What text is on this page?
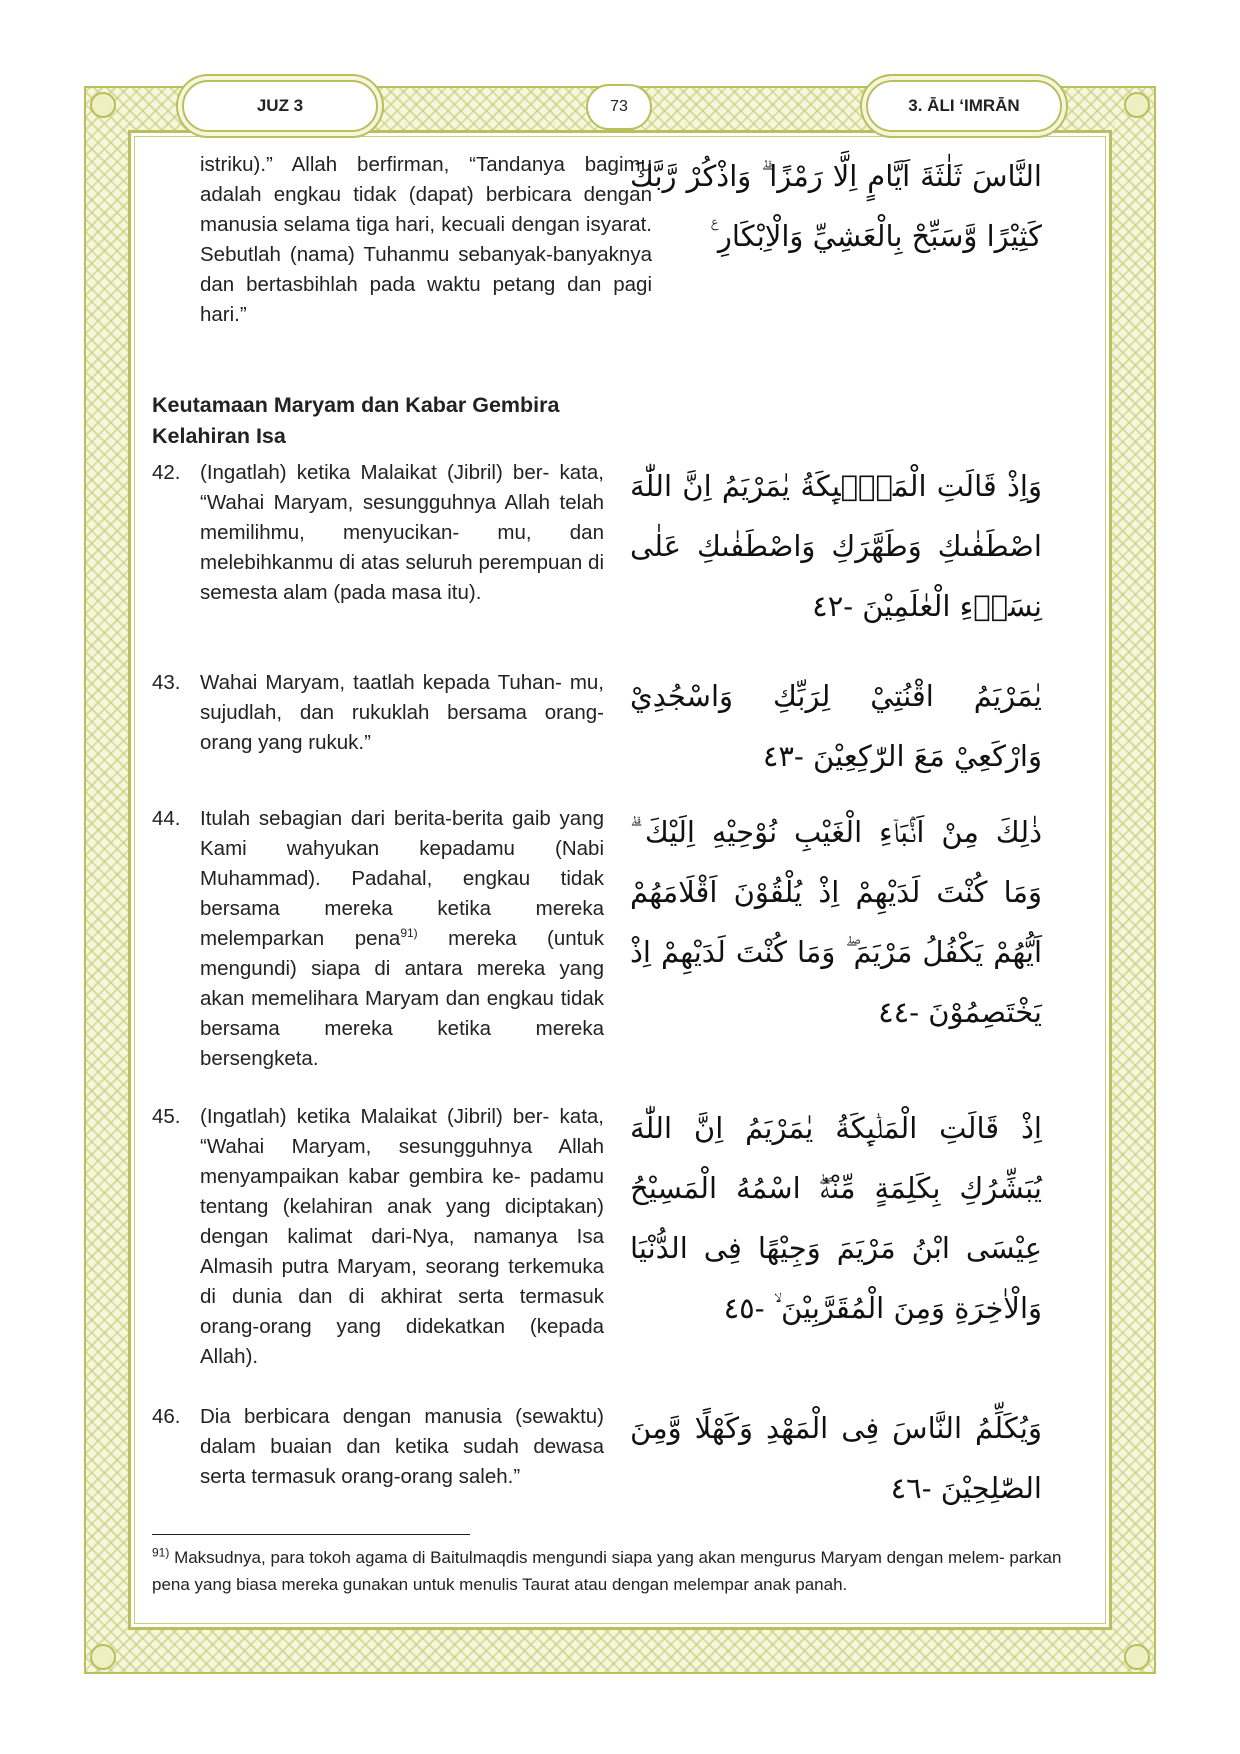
JUZ 3	73	3. ĀLI ‘IMRĀN
istriku).” Allah berfirman, “Tandanya bagimu adalah engkau tidak (dapat) berbicara dengan manusia selama tiga hari, kecuali dengan isyarat. Sebutlah (nama) Tuhanmu sebanyak-banyaknya dan bertasbihlah pada waktu petang dan pagi hari.”
النَّاسَ ثَلٰثَةَ اَيَّامٍ اِلَّا رَمْزًا ۗ وَاذْكُرْ رَّبَّكَ كَثِيْرًا وَّسَبِّحْ بِالْعَشِيِّ وَالْاِبْكَارِ ࣖ
Keutamaan Maryam dan Kabar Gembira Kelahiran Isa
42. (Ingatlah) ketika Malaikat (Jibril) ber- kata, “Wahai Maryam, sesungguhnya Allah telah memilihmu, menyucikan- mu, dan melebihkanmu di atas seluruh perempuan di semesta alam (pada masa itu).
وَاِذْ قَالَتِ الْمَلٰۤىِٕكَةُ يٰمَرْيَمُ اِنَّ اللّٰهَ اصْطَفٰىكِ وَطَهَّرَكِ وَاصْطَفٰىكِ عَلٰى نِسَاۤءِ الْعٰلَمِيْنَ ‎-٤٢
43. Wahai Maryam, taatlah kepada Tuhan- mu, sujudlah, dan rukuklah bersama orang-orang yang rukuk.”
يٰمَرْيَمُ اقْنُتِيْ لِرَبِّكِ وَاسْجُدِيْ وَارْكَعِيْ مَعَ الرّٰكِعِيْنَ ‎-٤٣
44. Itulah sebagian dari berita-berita gaib yang Kami wahyukan kepadamu (Nabi Muhammad). Padahal, engkau tidak bersama mereka ketika mereka melemparkan pena$^{91)}$ mereka (untuk mengundi) siapa di antara mereka yang akan memelihara Maryam dan engkau tidak bersama mereka ketika mereka bersengketa.
ذٰلِكَ مِنْ اَنْۢبَاۤءِ الْغَيْبِ نُوْحِيْهِ اِلَيْكَ ۗ وَمَا كُنْتَ لَدَيْهِمْ اِذْ يُلْقُوْنَ اَقْلَامَهُمْ اَيُّهُمْ يَكْفُلُ مَرْيَمَ ۖ وَمَا كُنْتَ لَدَيْهِمْ اِذْ يَخْتَصِمُوْنَ ‎-٤٤
45. (Ingatlah) ketika Malaikat (Jibril) ber- kata, “Wahai Maryam, sesungguhnya Allah menyampaikan kabar gembira ke- padamu tentang (kelahiran anak yang diciptakan) dengan kalimat dari-Nya, namanya Isa Almasih putra Maryam, seorang terkemuka di dunia dan di akhirat serta termasuk orang-orang yang didekatkan (kepada Allah).
اِذْ قَالَتِ الْمَلٰۤىِٕكَةُ يٰمَرْيَمُ اِنَّ اللّٰهَ يُبَشِّرُكِ بِكَلِمَةٍ مِّنْهُۖ اسْمُهُ الْمَسِيْحُ عِيْسَى ابْنُ مَرْيَمَ وَجِيْهًا فِى الدُّنْيَا وَالْاٰخِرَةِ وَمِنَ الْمُقَرَّبِيْنَ ۙ ‎-٤٥
46. Dia berbicara dengan manusia (sewaktu) dalam buaian dan ketika sudah dewasa serta termasuk orang-orang saleh.”
وَيُكَلِّمُ النَّاسَ فِى الْمَهْدِ وَكَهْلًا وَّمِنَ الصّٰلِحِيْنَ ‎-٤٦
$^{91)}$ Maksudnya, para tokoh agama di Baitulmaqdis mengundi siapa yang akan mengurus Maryam dengan melem- parkan pena yang biasa mereka gunakan untuk menulis Taurat atau dengan melempar anak panah.
